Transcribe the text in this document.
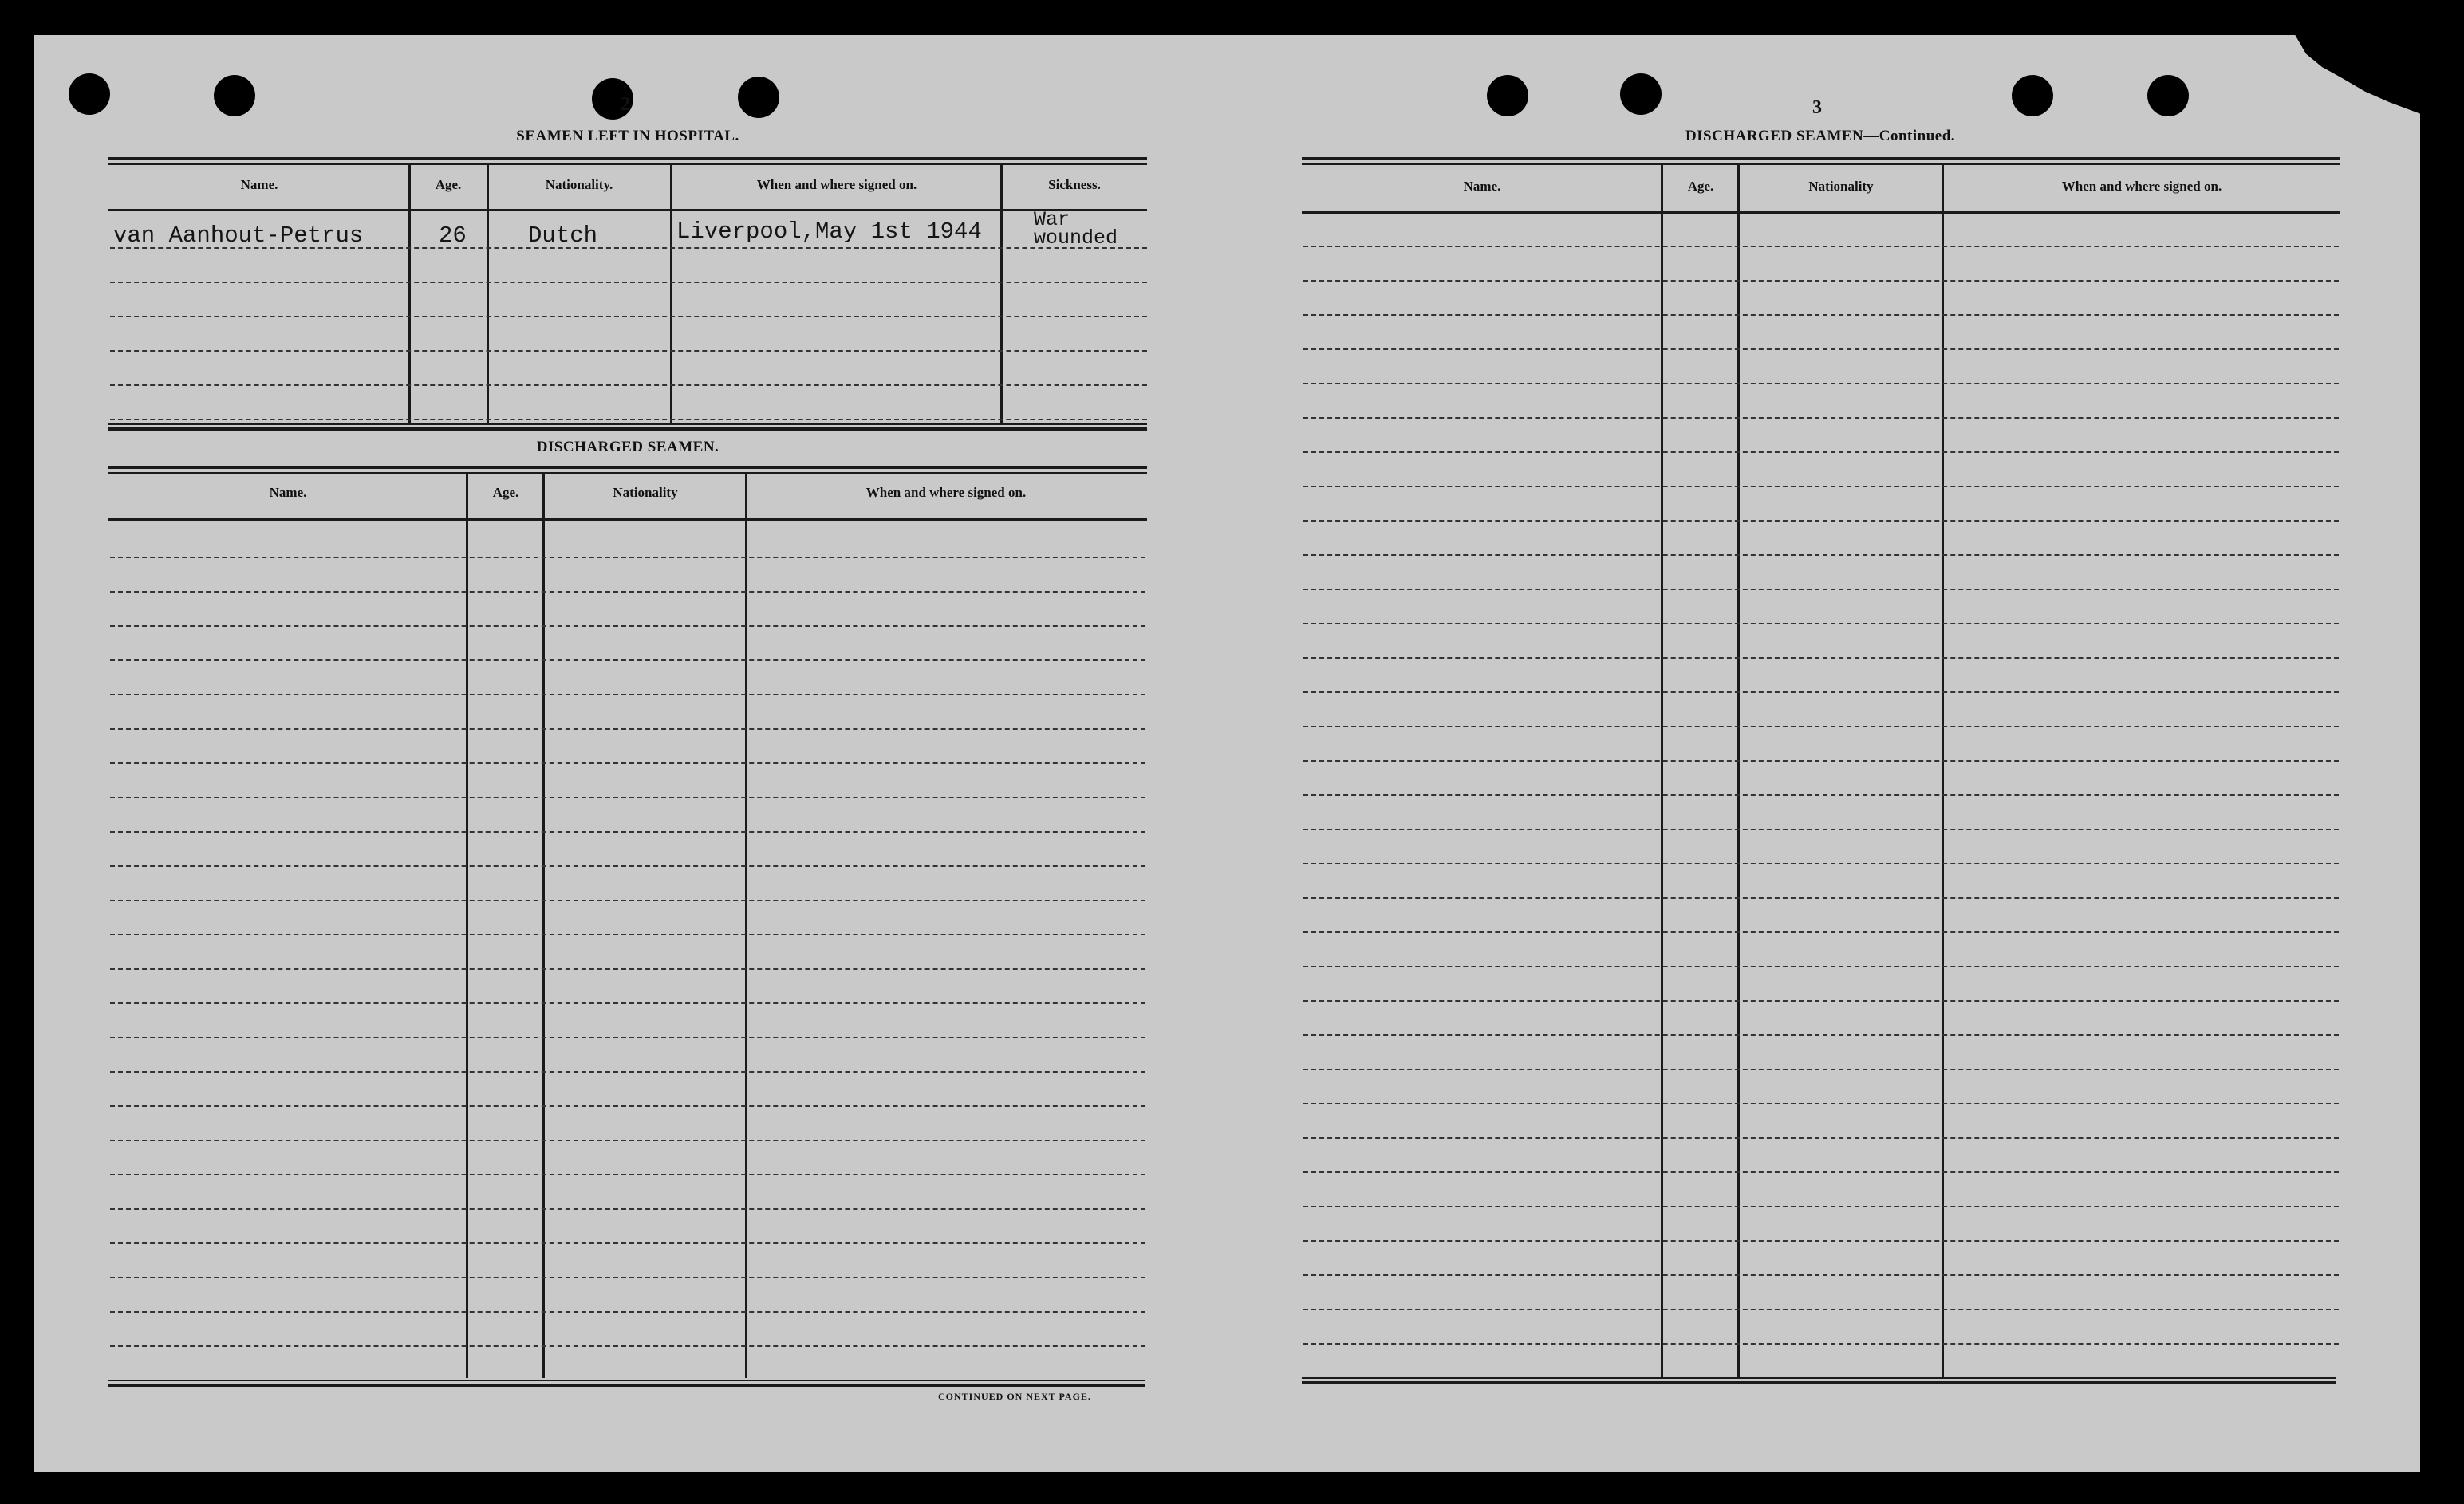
2
SEAMEN LEFT IN HOSPITAL.
Name.	Age.	Nationality.	When and where signed on.	Sickness.
van Aanhout-Petrus	26	Dutch	Liverpool,May 1st 1944	War
wounded
DISCHARGED SEAMEN.
Name.	Age.	Nationality	When and where signed on.
CONTINUED ON NEXT PAGE.
3
DISCHARGED SEAMEN—Continued.
Name.	Age.	Nationality	When and where signed on.
